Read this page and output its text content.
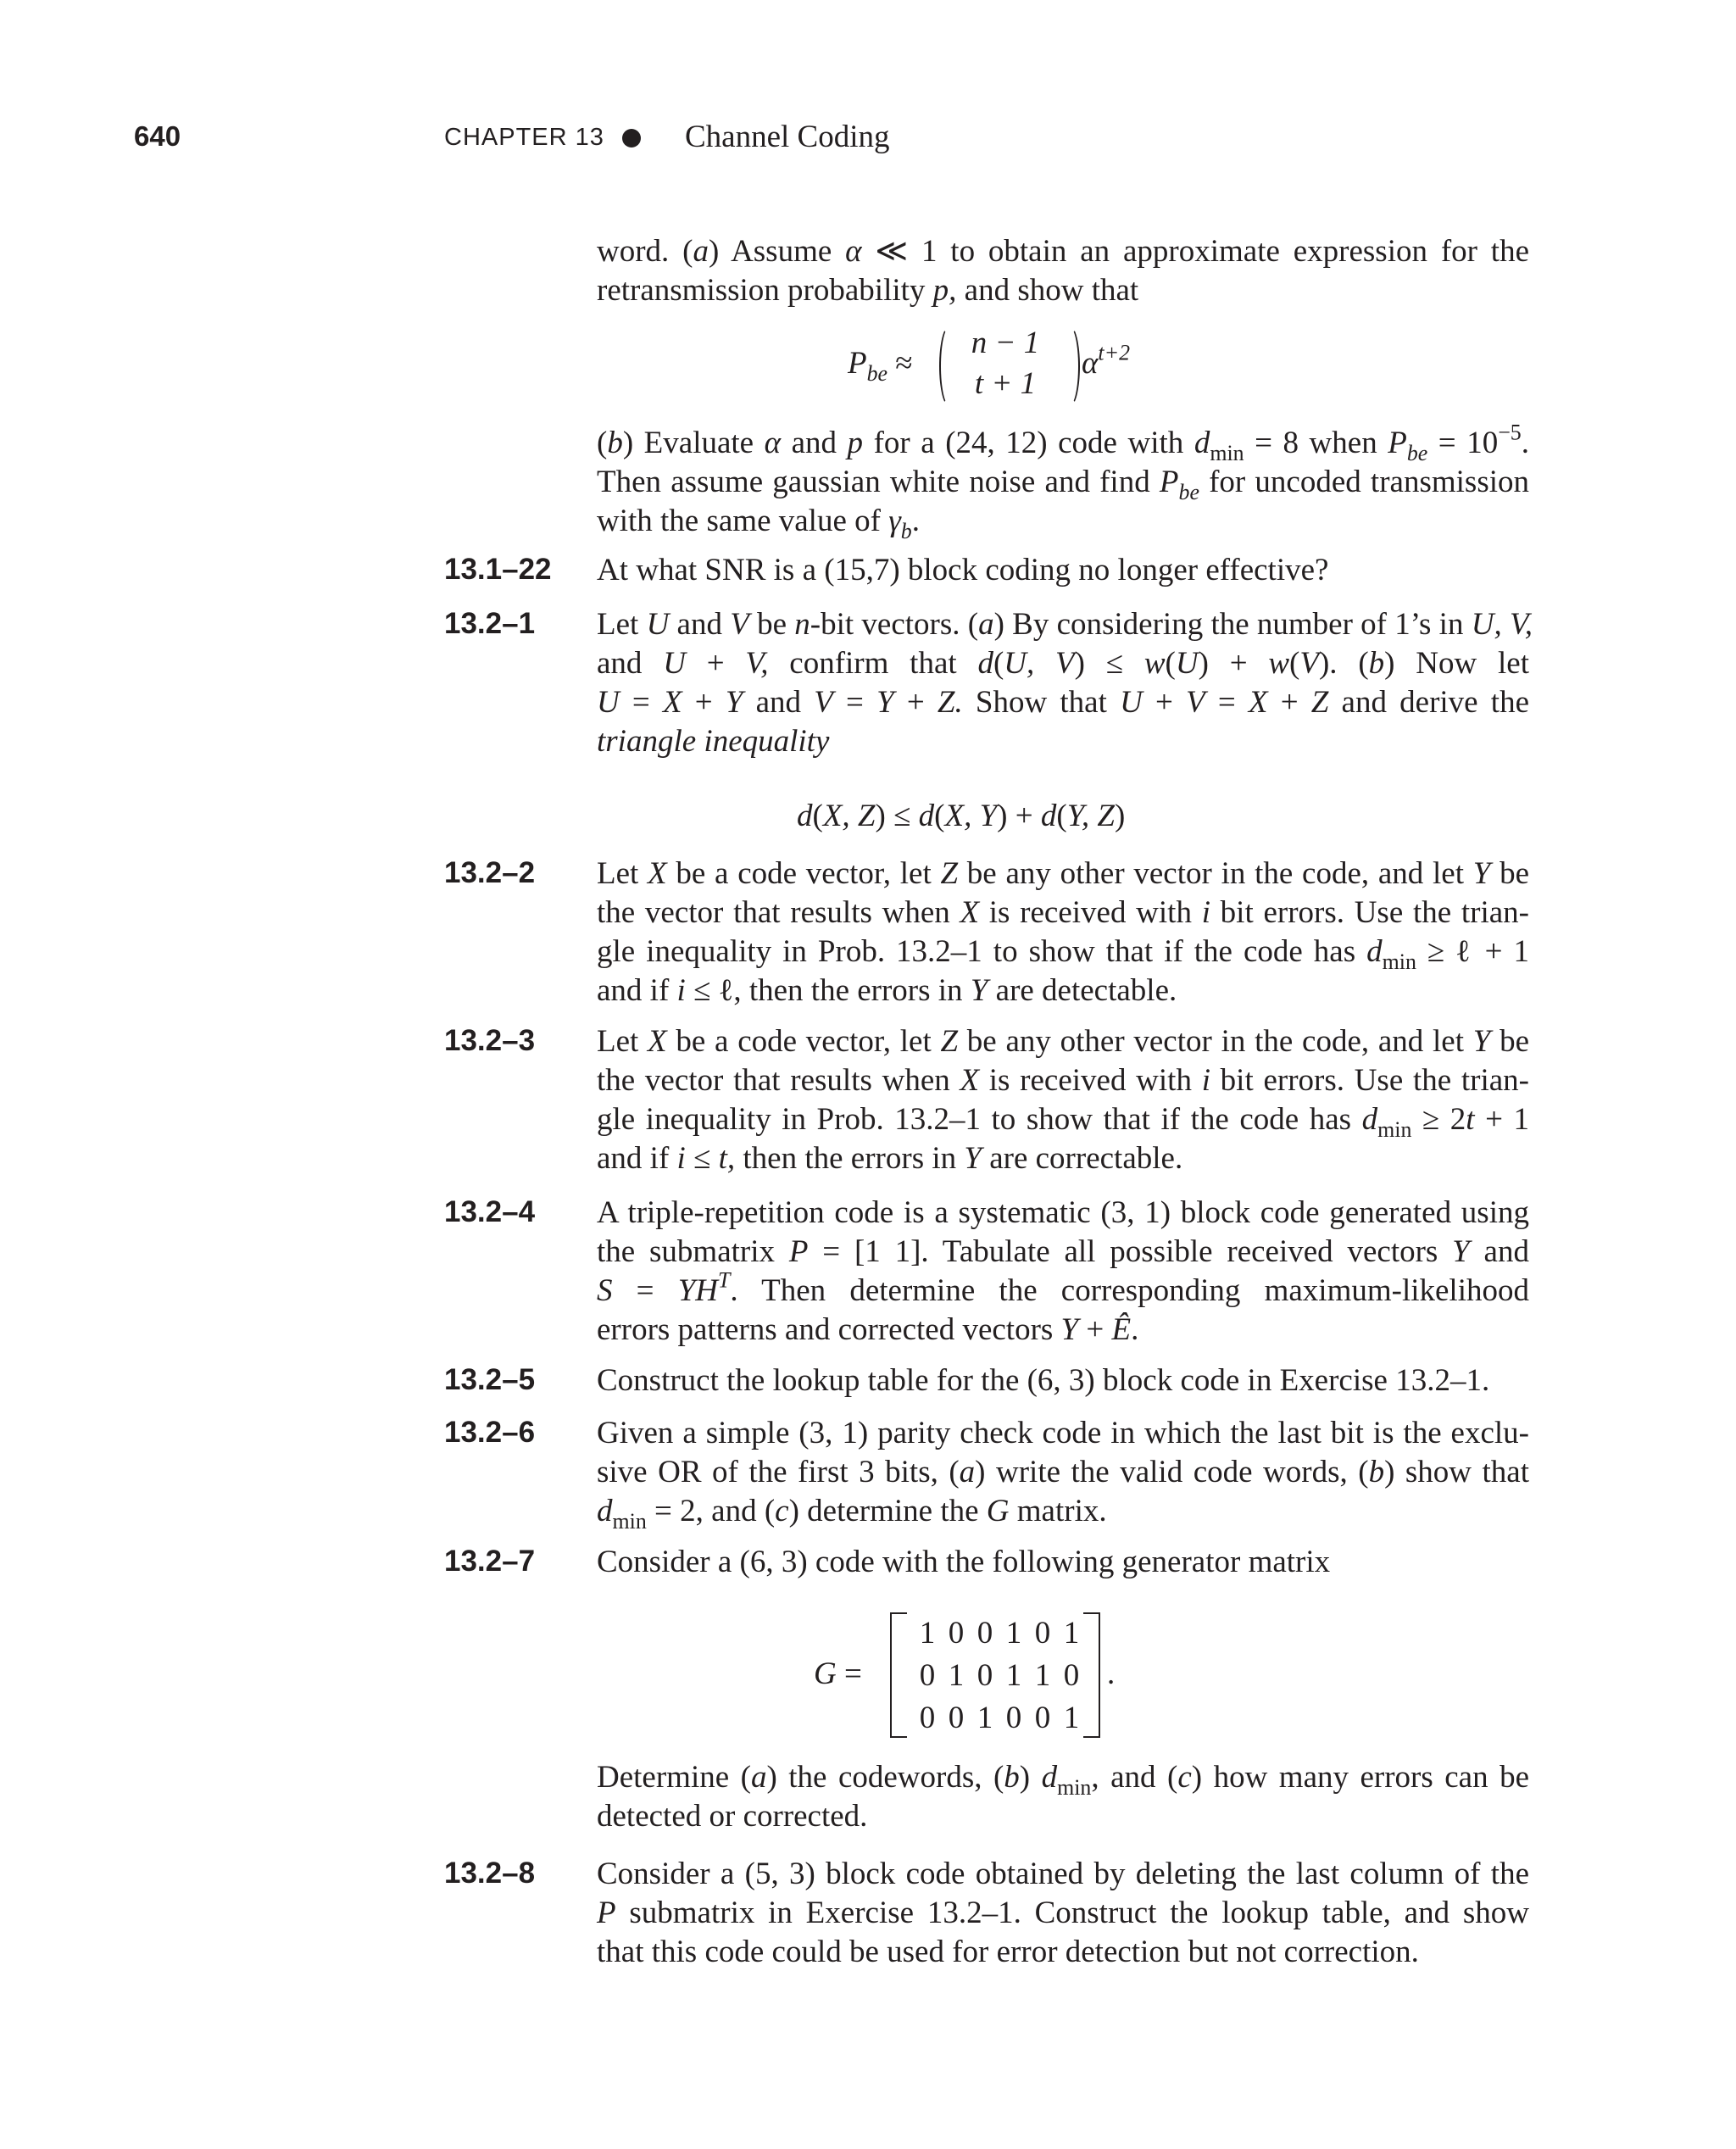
640	CHAPTER 13	Channel Coding
word. (a) Assume α ≪ 1 to obtain an approximate expression for the
retransmission probability p, and show that
$P_{be}$ ≈
n − 1
t + 1
$\alpha^{t+2}$
(b) Evaluate α and p for a (24, 12) code with $d_{min} = 8$ when $P_{be} = 10^{-5}$.
Then assume gaussian white noise and find $P_{be}$ for uncoded transmission
with the same value of $\gamma_b$.
13.1–22 At what SNR is a (15,7) block coding no longer effective?
13.2–1 Let U and V be n-bit vectors. (a) By considering the number of 1’s in U, V,
and U + V, confirm that d(U, V) ≤ w(U) + w(V). (b) Now let
U = X + Y and V = Y + Z. Show that U + V = X + Z and derive the
triangle inequality
d(X, Z) ≤ d(X, Y) + d(Y, Z)
13.2–2 Let X be a code vector, let Z be any other vector in the code, and let Y be
the vector that results when X is received with i bit errors. Use the trian-
gle inequality in Prob. 13.2–1 to show that if the code has $d_{min}$ ≥ ℓ + 1
and if i ≤ ℓ, then the errors in Y are detectable.
13.2–3 Let X be a code vector, let Z be any other vector in the code, and let Y be
the vector that results when X is received with i bit errors. Use the trian-
gle inequality in Prob. 13.2–1 to show that if the code has $d_{min} \ge 2t + 1$
and if i ≤ t, then the errors in Y are correctable.
13.2–4 A triple-repetition code is a systematic (3, 1) block code generated using
the submatrix P = [1 1]. Tabulate all possible received vectors Y and
$S = YH^T$. Then determine the corresponding maximum-likelihood
errors patterns and corrected vectors Y + Ê.
13.2–5 Construct the lookup table for the (6, 3) block code in Exercise 13.2–1.
13.2–6 Given a simple (3, 1) parity check code in which the last bit is the exclu-
sive OR of the first 3 bits, (a) write the valid code words, (b) show that
$d_{min} = 2$, and (c) determine the G matrix.
13.2–7 Consider a (6, 3) code with the following generator matrix
G =
1 0 0 1 0 1
0 1 0 1 1 0
0 0 1 0 0 1
.
Determine (a) the codewords, (b) $d_{min}$, and (c) how many errors can be
detected or corrected.
13.2–8 Consider a (5, 3) block code obtained by deleting the last column of the
P submatrix in Exercise 13.2–1. Construct the lookup table, and show
that this code could be used for error detection but not correction.
